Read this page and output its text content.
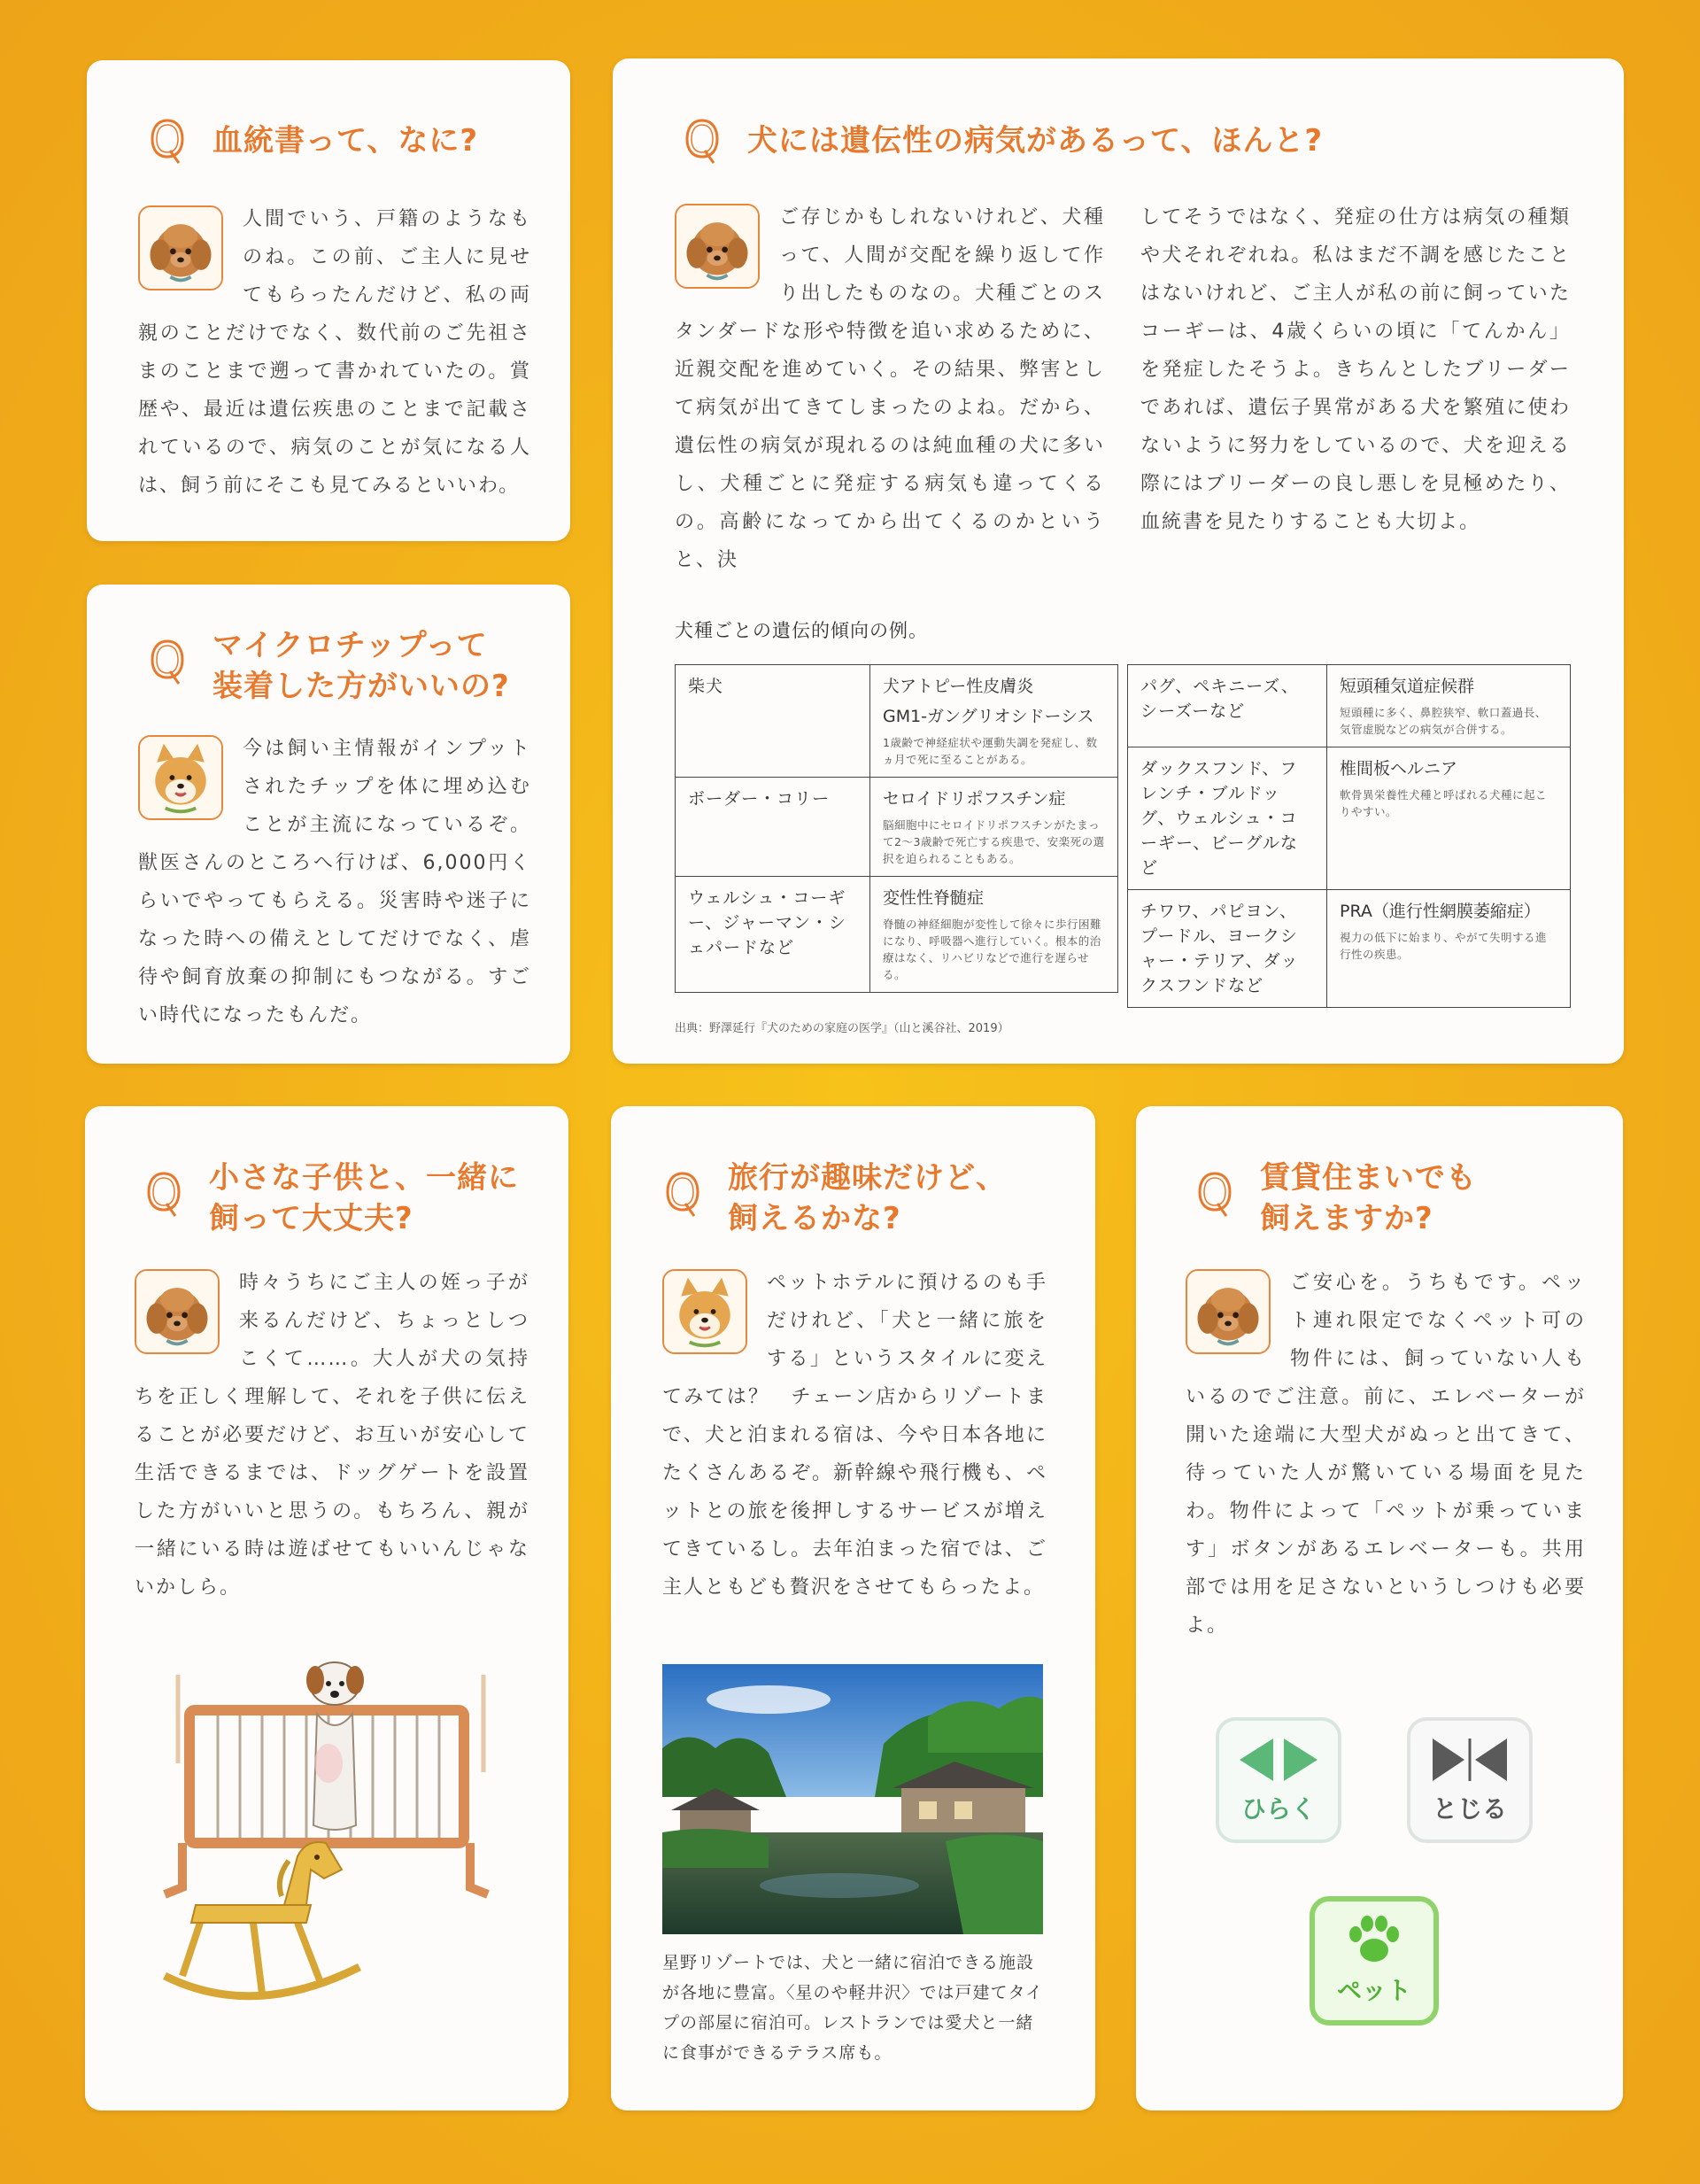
血統書って、なに?
人間でいう、戸籍のようなものね。この前、ご主人に見せてもらったんだけど、私の両親のことだけでなく、数代前のご先祖さまのことまで遡って書かれていたの。賞歴や、最近は遺伝疾患のことまで記載されているので、病気のことが気になる人は、飼う前にそこも見てみるといいわ。
マイクロチップって
装着した方がいいの?
今は飼い主情報がインプットされたチップを体に埋め込むことが主流になっているぞ。獣医さんのところへ行けば、6,000円くらいでやってもらえる。災害時や迷子になった時への備えとしてだけでなく、虐待や飼育放棄の抑制にもつながる。すごい時代になったもんだ。
犬には遺伝性の病気があるって、ほんと?
ご存じかもしれないけれど、犬種って、人間が交配を繰り返して作り出したものなの。犬種ごとのスタンダードな形や特徴を追い求めるために、近親交配を進めていく。その結果、弊害として病気が出てきてしまったのよね。だから、遺伝性の病気が現れるのは純血種の犬に多いし、犬種ごとに発症する病気も違ってくるの。高齢になってから出てくるのかというと、決
してそうではなく、発症の仕方は病気の種類や犬それぞれね。私はまだ不調を感じたことはないけれど、ご主人が私の前に飼っていたコーギーは、4歳くらいの頃に「てんかん」を発症したそうよ。きちんとしたブリーダーであれば、遺伝子異常がある犬を繁殖に使わないように努力をしているので、犬を迎える際にはブリーダーの良し悪しを見極めたり、血統書を見たりすることも大切よ。
犬種ごとの遺伝的傾向の例。
柴犬	犬アトピー性皮膚炎
GM1-ガングリオシドーシス
1歳齢で神経症状や運動失調を発症し、数ヵ月で死に至ることがある。

ボーダー・コリー	セロイドリポフスチン症
脳細胞中にセロイドリポフスチンがたまって2〜3歳齢で死亡する疾患で、安楽死の選択を迫られることもある。

ウェルシュ・コーギー、ジャーマン・シェパードなど	変性性脊髄症
脊髄の神経細胞が変性して徐々に歩行困難になり、呼吸器へ進行していく。根本的治療はなく、リハビリなどで進行を遅らせる。
パグ、ペキニーズ、シーズーなど	短頭種気道症候群
短頭種に多く、鼻腔狭窄、軟口蓋過長、気管虚脱などの病気が合併する。

ダックスフンド、フレンチ・ブルドッグ、ウェルシュ・コーギー、ビーグルなど	椎間板ヘルニア
軟骨異栄養性犬種と呼ばれる犬種に起こりやすい。

チワワ、パピヨン、プードル、ヨークシャー・テリア、ダックスフンドなど	PRA（進行性網膜萎縮症）
視力の低下に始まり、やがて失明する進行性の疾患。
出典：野澤延行『犬のための家庭の医学』（山と溪谷社、2019）
小さな子供と、一緒に
飼って大丈夫?
時々うちにご主人の姪っ子が来るんだけど、ちょっとしつこくて……。大人が犬の気持ちを正しく理解して、それを子供に伝えることが必要だけど、お互いが安心して生活できるまでは、ドッグゲートを設置した方がいいと思うの。もちろん、親が一緒にいる時は遊ばせてもいいんじゃないかしら。
旅行が趣味だけど、
飼えるかな?
ペットホテルに預けるのも手だけれど、「犬と一緒に旅をする」というスタイルに変えてみては？　チェーン店からリゾートまで、犬と泊まれる宿は、今や日本各地にたくさんあるぞ。新幹線や飛行機も、ペットとの旅を後押しするサービスが増えてきているし。去年泊まった宿では、ご主人ともども贅沢をさせてもらったよ。
星野リゾートでは、犬と一緒に宿泊できる施設が各地に豊富。〈星のや軽井沢〉では戸建てタイプの部屋に宿泊可。レストランでは愛犬と一緒に食事ができるテラス席も。
賃貸住まいでも
飼えますか?
ご安心を。うちもです。ペット連れ限定でなくペット可の物件には、飼っていない人もいるのでご注意。前に、エレベーターが開いた途端に大型犬がぬっと出てきて、待っていた人が驚いている場面を見たわ。物件によって「ペットが乗っています」ボタンがあるエレベーターも。共用部では用を足さないというしつけも必要よ。
ひらく	とじる
ペット
